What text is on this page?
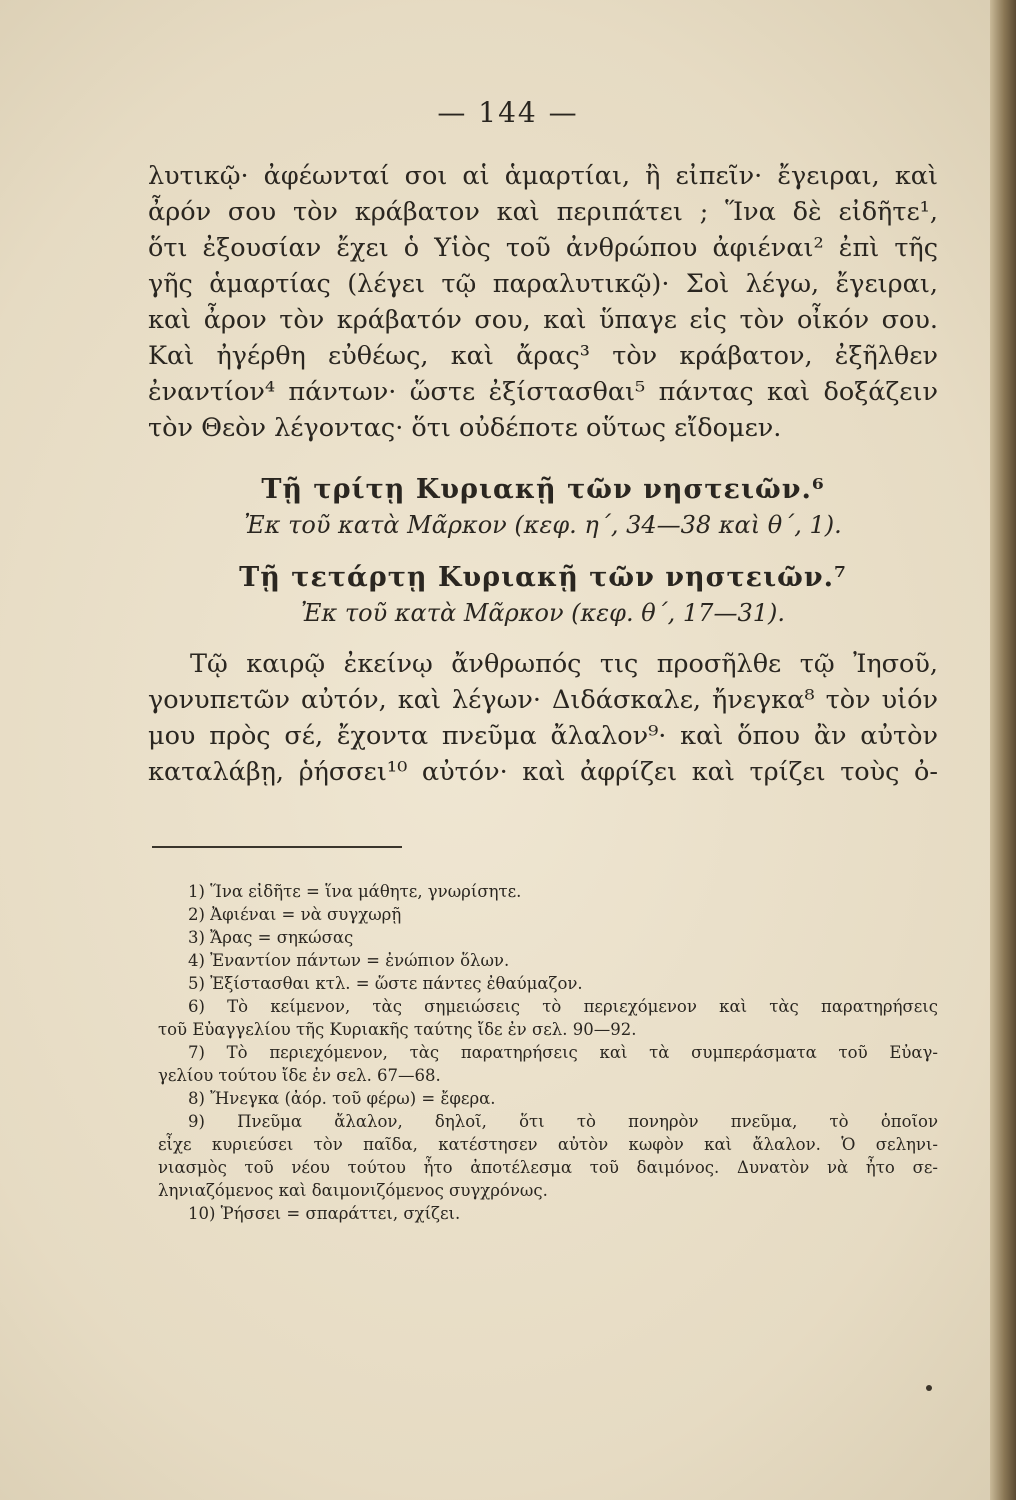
— 144 —
λυτικῷ· ἀφέωνταί σοι αἱ ἁμαρτίαι, ἢ εἰπεῖν· ἔγειραι, καὶ
ἆρόν σου τὸν κράβατον καὶ περιπάτει ; Ἵνα δὲ εἰδῆτε¹,
ὅτι ἐξουσίαν ἔχει ὁ Υἱὸς τοῦ ἀνθρώπου ἀφιέναι² ἐπὶ τῆς
γῆς ἁμαρτίας (λέγει τῷ παραλυτικῷ)· Σοὶ λέγω, ἔγειραι,
καὶ ἆρον τὸν κράβατόν σου, καὶ ὕπαγε εἰς τὸν οἶκόν σου.
Καὶ ἠγέρθη εὐθέως, καὶ ἄρας³ τὸν κράβατον, ἐξῆλθεν
ἐναντίον⁴ πάντων· ὥστε ἐξίστασθαι⁵ πάντας καὶ δοξάζειν
τὸν Θεὸν λέγοντας· ὅτι οὐδέποτε οὕτως εἴδομεν.
Τῇ τρίτῃ Κυριακῇ τῶν νηστειῶν.⁶
Ἐκ τοῦ κατὰ Μᾶρκον (κεφ. η΄, 34—38 καὶ θ΄, 1).
Τῇ τετάρτῃ Κυριακῇ τῶν νηστειῶν.⁷
Ἐκ τοῦ κατὰ Μᾶρκον (κεφ. θ΄, 17—31).
Τῷ καιρῷ ἐκείνῳ ἄνθρωπός τις προσῆλθε τῷ Ἰησοῦ,
γονυπετῶν αὐτόν, καὶ λέγων· Διδάσκαλε, ἤνεγκα⁸ τὸν υἱόν
μου πρὸς σέ, ἔχοντα πνεῦμα ἄλαλον⁹· καὶ ὅπου ἂν αὐτὸν
καταλάβῃ, ῥήσσει¹⁰ αὐτόν· καὶ ἀφρίζει καὶ τρίζει τοὺς ὀ-
1) Ἵνα εἰδῆτε = ἵνα μάθητε, γνωρίσητε.
2) Ἀφιέναι = νὰ συγχωρῇ
3) Ἄρας = σηκώσας
4) Ἐναντίον πάντων = ἐνώπιον ὅλων.
5) Ἐξίστασθαι κτλ. = ὥστε πάντες ἐθαύμαζον.
6) Τὸ κείμενον, τὰς σημειώσεις τὸ περιεχόμενον καὶ τὰς παρατηρήσεις
τοῦ Εὐαγγελίου τῆς Κυριακῆς ταύτης ἴδε ἐν σελ. 90—92.
7) Τὸ περιεχόμενον, τὰς παρατηρήσεις καὶ τὰ συμπεράσματα τοῦ Εὐαγ-
γελίου τούτου ἴδε ἐν σελ. 67—68.
8) Ἤνεγκα (ἀόρ. τοῦ φέρω) = ἔφερα.
9) Πνεῦμα ἄλαλον, δηλοῖ, ὅτι τὸ πονηρὸν πνεῦμα, τὸ ὁποῖον
εἶχε κυριεύσει τὸν παῖδα, κατέστησεν αὐτὸν κωφὸν καὶ ἄλαλον. Ὁ σεληνι-
νιασμὸς τοῦ νέου τούτου ἦτο ἀποτέλεσμα τοῦ δαιμόνος. Δυνατὸν νὰ ἦτο σε-
ληνιαζόμενος καὶ δαιμονιζόμενος συγχρόνως.
10) Ῥήσσει = σπαράττει, σχίζει.
